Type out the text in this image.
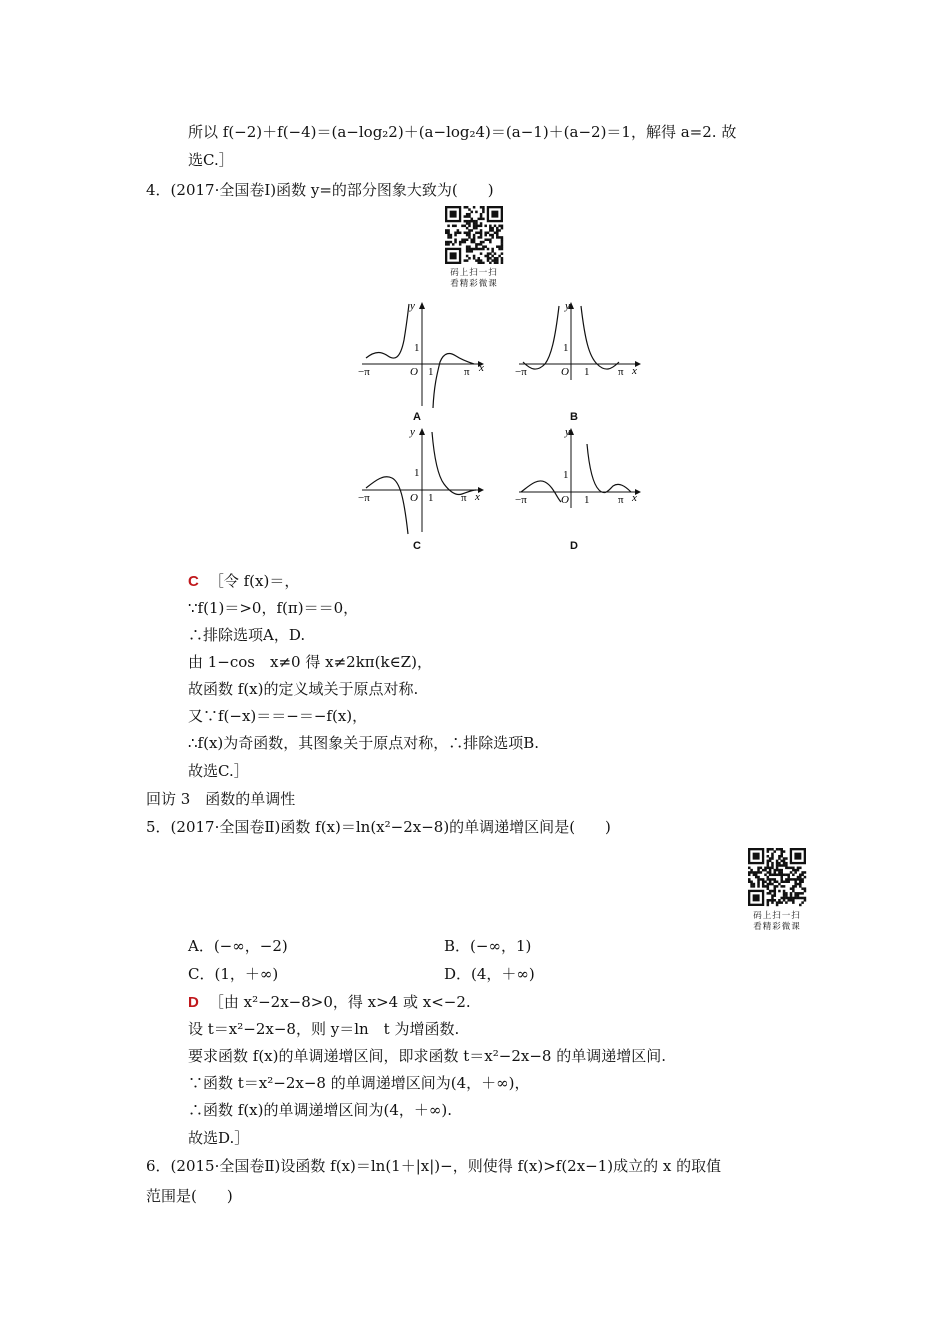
所以 f(−2)＋f(−4)＝(a−log₂2)＋(a−log₂4)＝(a−1)＋(a−2)＝1，解得 a=2. 故
选C.］
4．(2017·全国卷Ⅰ)函数 y=的部分图象大致为(　　)
∵f(1)＝>0，f(π)＝＝0，
∴排除选项A，D.
由 1−cos　x≠0 得 x≠2kπ(k∈Z)，
故函数 f(x)的定义域关于原点对称.
又∵f(−x)＝＝−＝−f(x)，
∴f(x)为奇函数，其图象关于原点对称，∴排除选项B.
故选C.］
回访 3　函数的单调性
5．(2017·全国卷Ⅱ)函数 f(x)＝ln(x²−2x−8)的单调递增区间是(　　)
A．(−∞，−2)	B．(−∞，1)
C．(1，＋∞)	D．(4，＋∞)
设 t＝x²−2x−8，则 y＝ln　t 为增函数.
要求函数 f(x)的单调递增区间，即求函数 t＝x²−2x−8 的单调递增区间.
∵函数 t＝x²−2x−8 的单调递增区间为(4，＋∞)，
∴函数 f(x)的单调递增区间为(4，＋∞).
故选D.］
6．(2015·全国卷Ⅱ)设函数 f(x)＝ln(1＋|x|)−，则使得 f(x)>f(2x−1)成立的 x 的取值
范围是(　　)
C ［令 f(x)＝，
D ［由 x²−2x−8>0，得 x>4 或 x<−2.
码上扫一扫
看精彩微课
码上扫一扫
看精彩微课
y
x
O
1
1
−π	π
A
y
x
O
1
1
−π	π
B
y
x
O
1
1
−π	π
C
y
x
O
1
1
−π	π
D
